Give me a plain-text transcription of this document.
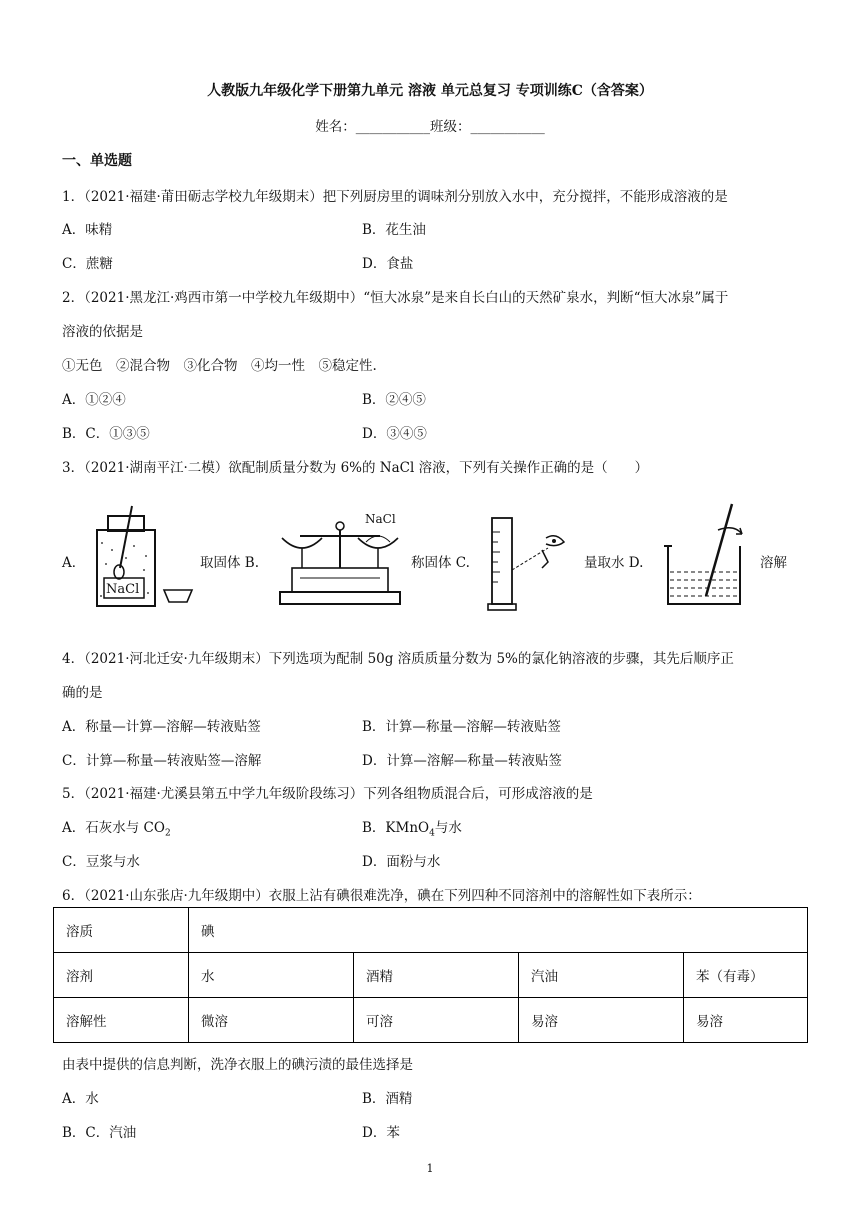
人教版九年级化学下册第九单元 溶液 单元总复习 专项训练C（含答案）
姓名：___________班级：___________
一、单选题
1．（2021·福建·莆田砺志学校九年级期末）把下列厨房里的调味剂分别放入水中，充分搅拌，不能形成溶液的是
A．味精	B．花生油
C．蔗糖	D．食盐
2．（2021·黑龙江·鸡西市第一中学校九年级期中）“恒大冰泉”是来自长白山的天然矿泉水，判断“恒大冰泉”属于
溶液的依据是
①无色　②混合物　③化合物　④均一性　⑤稳定性.
A．①②④	B．②④⑤
B．C．①③⑤	D．③④⑤
3．（2021·湖南平江·二模）欲配制质量分数为 6%的 NaCl 溶液，下列有关操作正确的是（　　）
A．
NaCl
取固体 B.
NaCl
称固体 C.	量取水 D.	溶解
4．（2021·河北迁安·九年级期末）下列选项为配制 50g 溶质质量分数为 5%的氯化钠溶液的步骤，其先后顺序正
确的是
A．称量—计算—溶解—转液贴签	B．计算—称量—溶解—转液贴签
C．计算—称量—转液贴签—溶解	D．计算—溶解—称量—转液贴签
5．（2021·福建·尤溪县第五中学九年级阶段练习）下列各组物质混合后，可形成溶液的是
A．石灰水与 $CO_2$	B．KMnO$_4$与水
C．豆浆与水	D．面粉与水
6．（2021·山东张店·九年级期中）衣服上沾有碘很难洗净，碘在下列四种不同溶剂中的溶解性如下表所示：
溶质	碘			
溶剂	水	酒精	汽油	苯（有毒）
溶解性	微溶	可溶	易溶	易溶
由表中提供的信息判断，洗净衣服上的碘污渍的最佳选择是
A．水	B．酒精
B．C．汽油	D．苯
1
